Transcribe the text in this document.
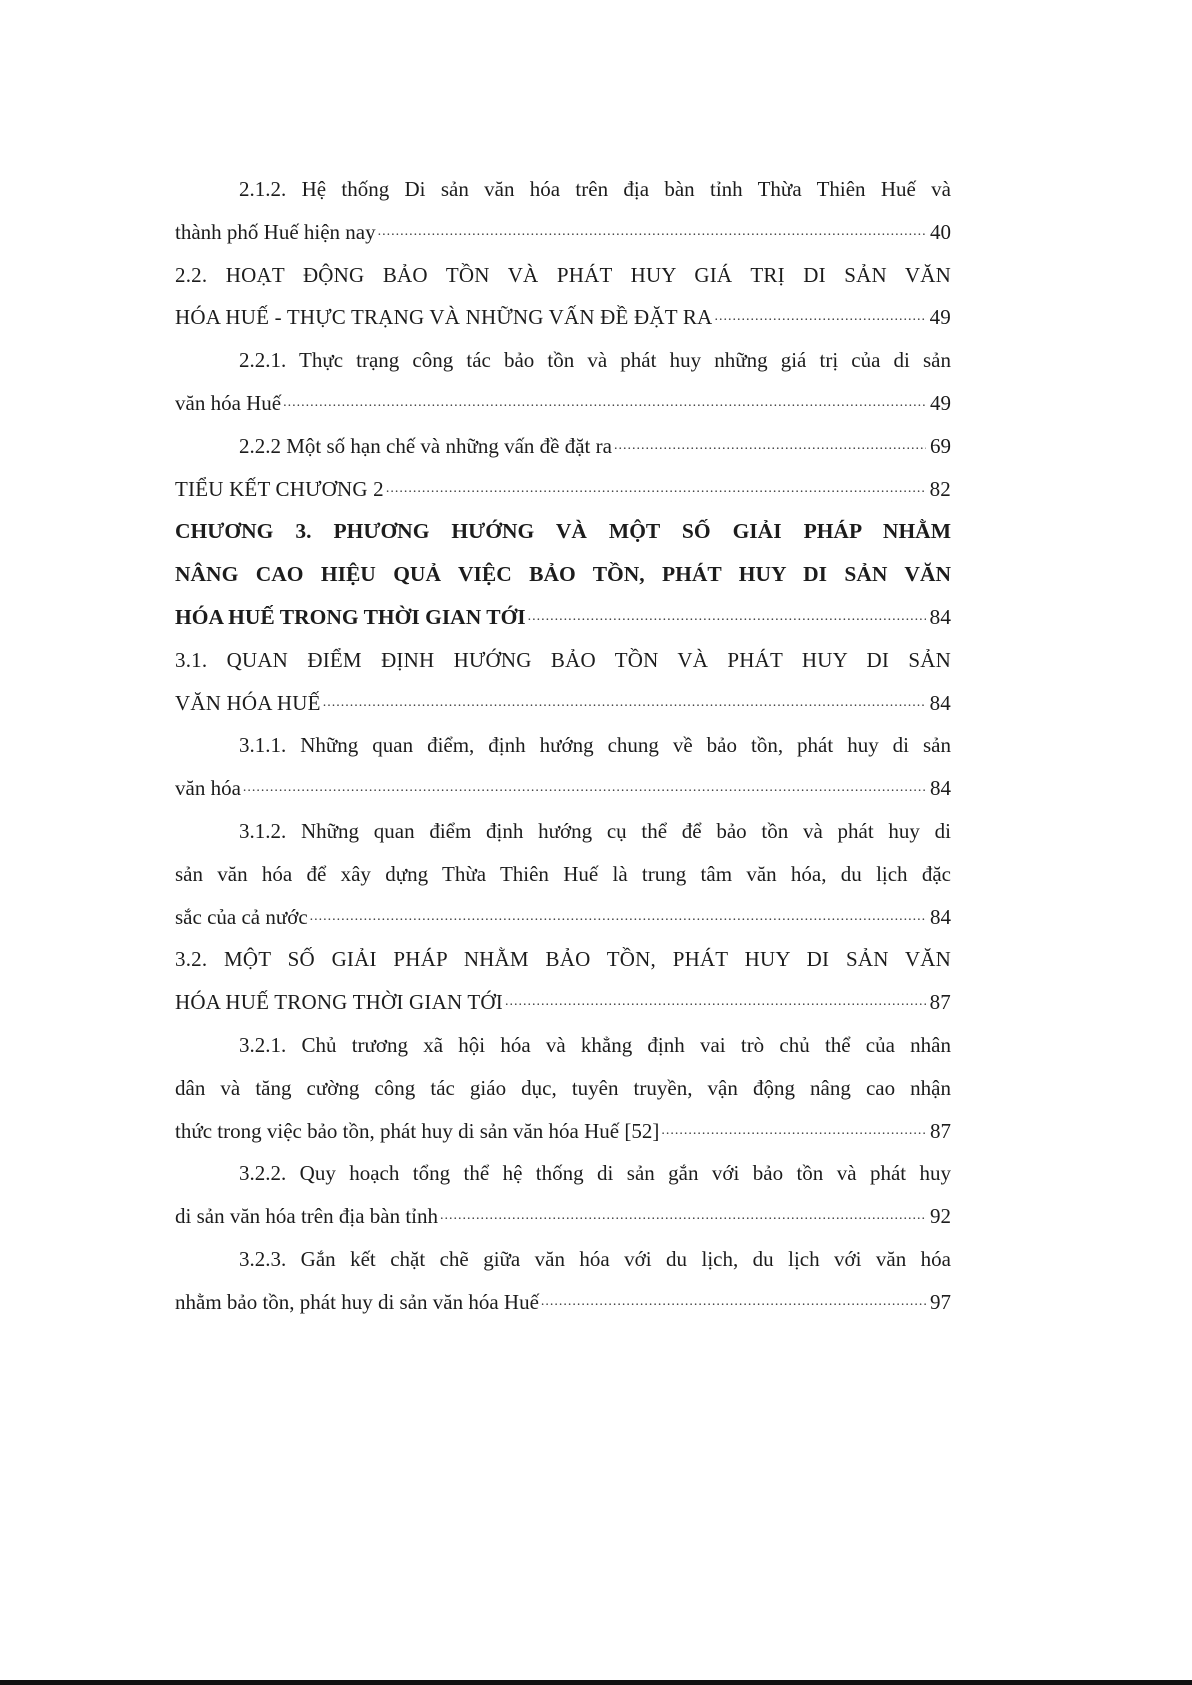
2.1.2. Hệ thống Di sản văn hóa trên địa bàn tỉnh Thừa Thiên Huế và
thành phố Huế hiện nay .....	40
2.2. HOẠT ĐỘNG BẢO TỒN VÀ PHÁT HUY GIÁ TRỊ DI SẢN VĂN
HÓA HUẾ - THỰC TRẠNG VÀ NHỮNG VẤN ĐỀ ĐẶT RA .....	49
2.2.1. Thực trạng công tác bảo tồn và phát huy những giá trị của di sản
văn hóa Huế .....	49
2.2.2 Một số hạn chế và những vấn đề đặt ra .....	69
TIỂU KẾT CHƯƠNG 2 .....	82
CHƯƠNG 3. PHƯƠNG HƯỚNG VÀ MỘT SỐ GIẢI PHÁP NHẰM
NÂNG CAO HIỆU QUẢ VIỆC BẢO TỒN, PHÁT HUY DI SẢN VĂN
HÓA HUẾ TRONG THỜI GIAN TỚI .....	84
3.1. QUAN ĐIỂM ĐỊNH HƯỚNG BẢO TỒN VÀ PHÁT HUY DI SẢN
VĂN HÓA HUẾ .....	84
3.1.1. Những quan điểm, định hướng chung về bảo tồn, phát huy di sản
văn hóa .....	84
3.1.2. Những quan điểm định hướng cụ thể để bảo tồn và phát huy di
sản văn hóa để xây dựng Thừa Thiên Huế là trung tâm văn hóa, du lịch đặc
sắc của cả nước .....	84
3.2. MỘT SỐ GIẢI PHÁP NHẰM BẢO TỒN, PHÁT HUY DI SẢN VĂN
HÓA HUẾ TRONG THỜI GIAN TỚI .....	87
3.2.1. Chủ trương xã hội hóa và khẳng định vai trò chủ thể của nhân
dân và tăng cường công tác giáo dục, tuyên truyền, vận động nâng cao nhận
thức trong việc bảo tồn, phát huy di sản văn hóa Huế [52] .....	87
3.2.2. Quy hoạch tổng thể hệ thống di sản gắn với bảo tồn và phát huy
di sản văn hóa trên địa bàn tỉnh .....	92
3.2.3. Gắn kết chặt chẽ giữa văn hóa với du lịch, du lịch với văn hóa
nhằm bảo tồn, phát huy di sản văn hóa Huế .....	97
